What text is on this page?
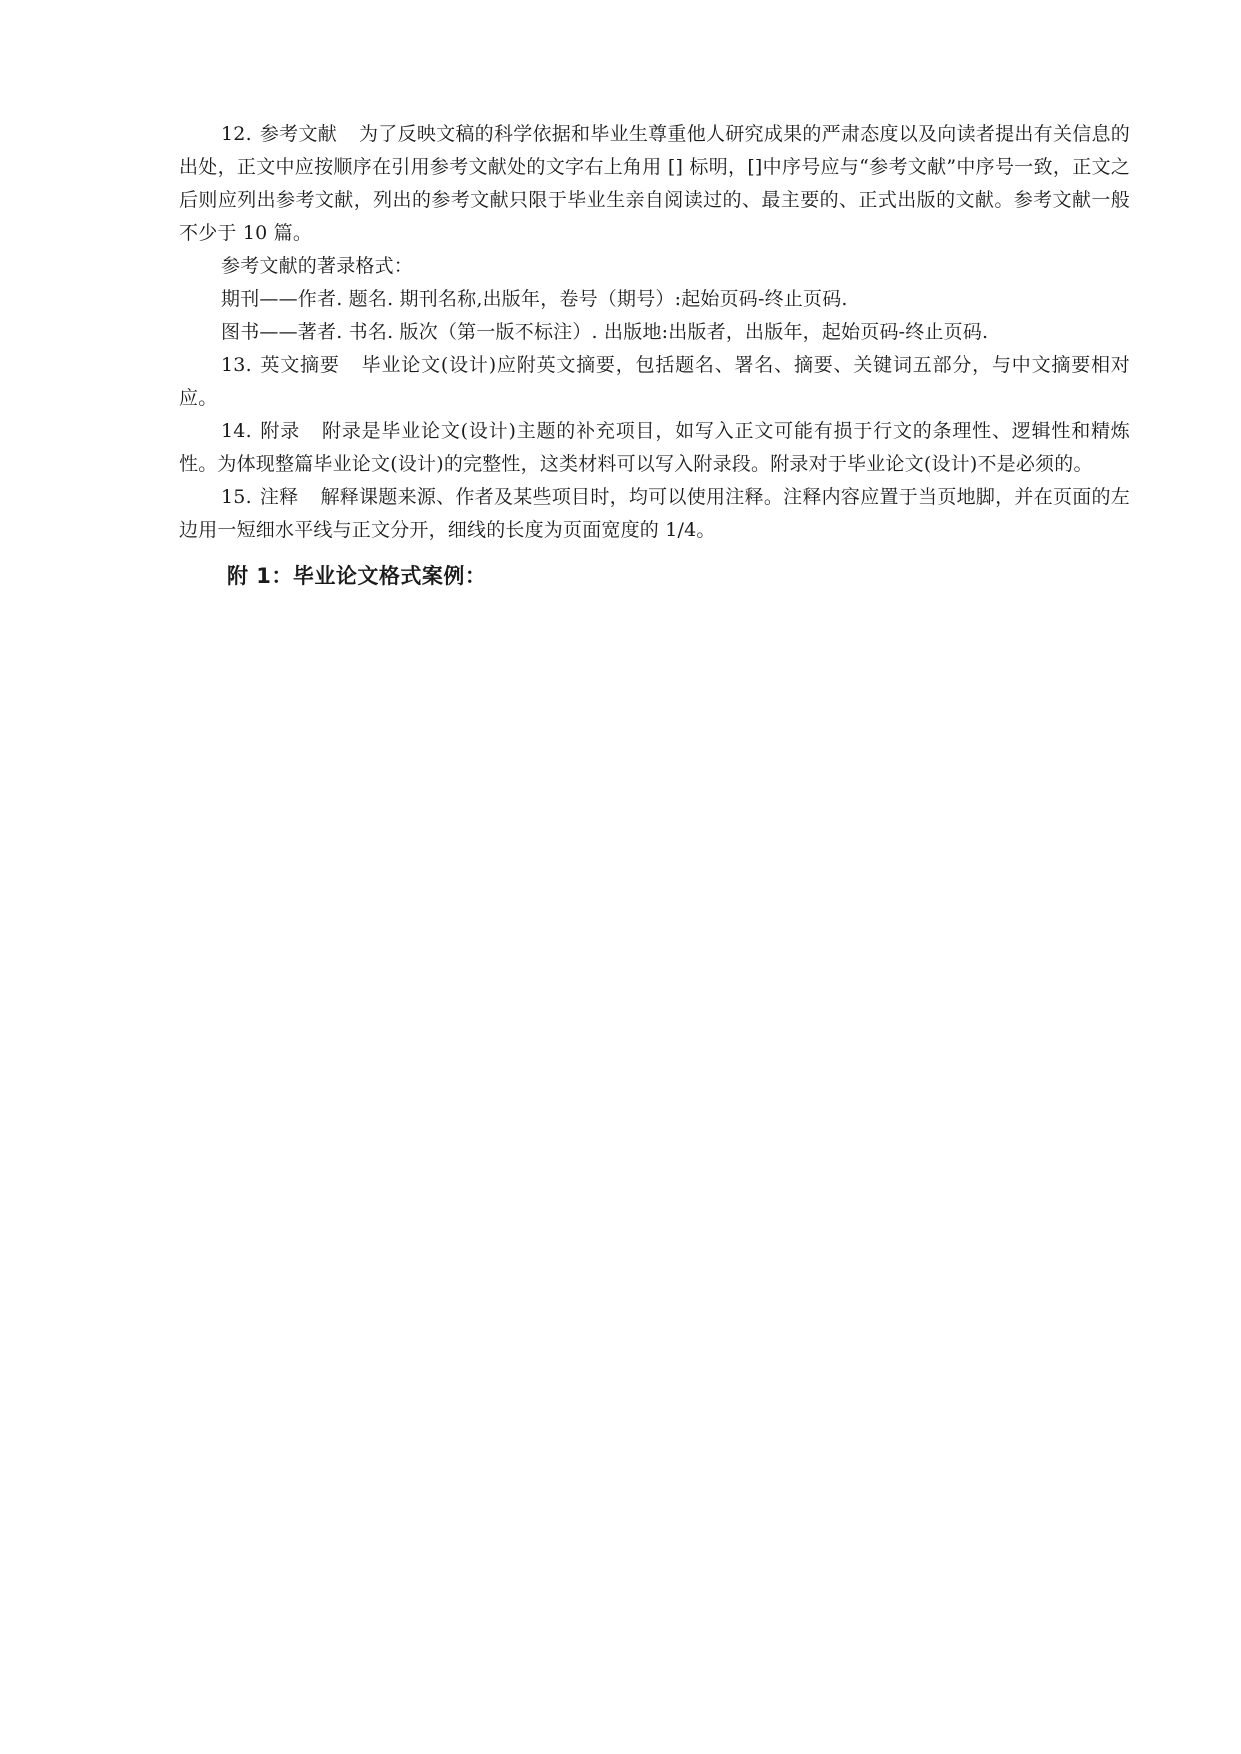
12. 参考文献 为了反映文稿的科学依据和毕业生尊重他人研究成果的严肃态度以及向读者提出有关信息的出处，正文中应按顺序在引用参考文献处的文字右上角用 [] 标明，[]中序号应与“参考文献”中序号一致，正文之后则应列出参考文献，列出的参考文献只限于毕业生亲自阅读过的、最主要的、正式出版的文献。参考文献一般不少于 10 篇。

参考文献的著录格式：

期刊——作者. 题名. 期刊名称,出版年，卷号（期号）:起始页码-终止页码.

图书——著者. 书名. 版次（第一版不标注）. 出版地:出版者，出版年，起始页码-终止页码.

13. 英文摘要 毕业论文(设计)应附英文摘要，包括题名、署名、摘要、关键词五部分，与中文摘要相对应。

14. 附录 附录是毕业论文(设计)主题的补充项目，如写入正文可能有损于行文的条理性、逻辑性和精炼性。为体现整篇毕业论文(设计)的完整性，这类材料可以写入附录段。附录对于毕业论文(设计)不是必须的。

15. 注释 解释课题来源、作者及某些项目时，均可以使用注释。注释内容应置于当页地脚，并在页面的左边用一短细水平线与正文分开，细线的长度为页面宽度的 1/4。

附 1：毕业论文格式案例：
